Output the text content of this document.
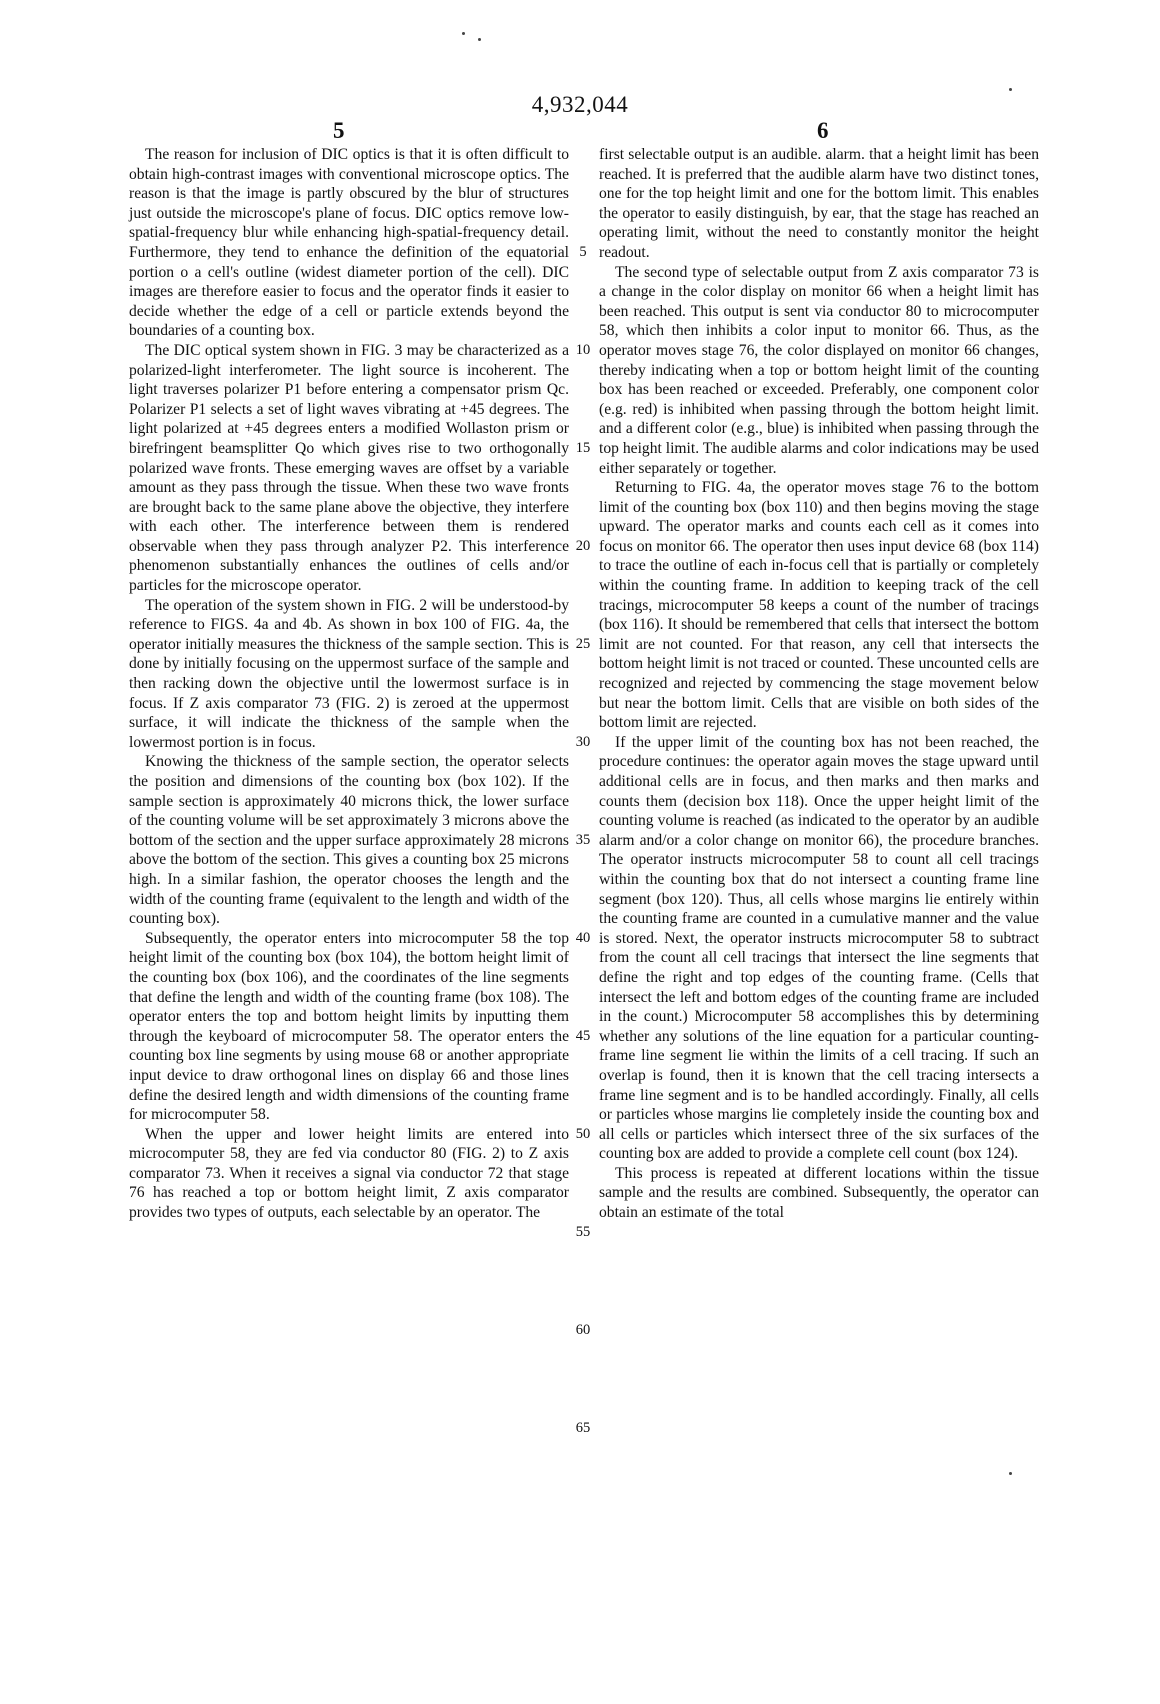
4,932,044
5	6

The reason for inclusion of DIC optics is that it is often difficult to obtain high-contrast images with conventional microscope optics. The reason is that the image is partly obscured by the blur of structures just outside the microscope's plane of focus. DIC optics remove low-spatial-frequency blur while enhancing high-spatial-frequency detail. Furthermore, they tend to enhance the definition of the equatorial portion o a cell's outline (widest diameter portion of the cell). DIC images are therefore easier to focus and the operator finds it easier to decide whether the edge of a cell or particle extends beyond the boundaries of a counting box.

The DIC optical system shown in FIG. 3 may be characterized as a polarized-light interferometer. The light source is incoherent. The light traverses polarizer P1 before entering a compensator prism Qc. Polarizer P1 selects a set of light waves vibrating at +45 degrees. The light polarized at +45 degrees enters a modified Wollaston prism or birefringent beamsplitter Qo which gives rise to two orthogonally polarized wave fronts. These emerging waves are offset by a variable amount as they pass through the tissue. When these two wave fronts are brought back to the same plane above the objective, they interfere with each other. The interference between them is rendered observable when they pass through analyzer P2. This interference phenomenon substantially enhances the outlines of cells and/or particles for the microscope operator.

The operation of the system shown in FIG. 2 will be understood-by reference to FIGS. 4a and 4b. As shown in box 100 of FIG. 4a, the operator initially measures the thickness of the sample section. This is done by initially focusing on the uppermost surface of the sample and then racking down the objective until the lowermost surface is in focus. If Z axis comparator 73 (FIG. 2) is zeroed at the uppermost surface, it will indicate the thickness of the sample when the lowermost portion is in focus.

Knowing the thickness of the sample section, the operator selects the position and dimensions of the counting box (box 102). If the sample section is approximately 40 microns thick, the lower surface of the counting volume will be set approximately 3 microns above the bottom of the section and the upper surface approximately 28 microns above the bottom of the section. This gives a counting box 25 microns high. In a similar fashion, the operator chooses the length and the width of the counting frame (equivalent to the length and width of the counting box).

Subsequently, the operator enters into microcomputer 58 the top height limit of the counting box (box 104), the bottom height limit of the counting box (box 106), and the coordinates of the line segments that define the length and width of the counting frame (box 108). The operator enters the top and bottom height limits by inputting them through the keyboard of microcomputer 58. The operator enters the counting box line segments by using mouse 68 or another appropriate input device to draw orthogonal lines on display 66 and those lines define the desired length and width dimensions of the counting frame for microcomputer 58.

When the upper and lower height limits are entered into microcomputer 58, they are fed via conductor 80 (FIG. 2) to Z axis comparator 73. When it receives a signal via conductor 72 that stage 76 has reached a top or bottom height limit, Z axis comparator provides two types of outputs, each selectable by an operator. The

5
10
15
20
25
30
35
40
45
50
55
60
65

first selectable output is an audible. alarm. that a height limit has been reached. It is preferred that the audible alarm have two distinct tones, one for the top height limit and one for the bottom limit. This enables the operator to easily distinguish, by ear, that the stage has reached an operating limit, without the need to constantly monitor the height readout.

The second type of selectable output from Z axis comparator 73 is a change in the color display on monitor 66 when a height limit has been reached. This output is sent via conductor 80 to microcomputer 58, which then inhibits a color input to monitor 66. Thus, as the operator moves stage 76, the color displayed on monitor 66 changes, thereby indicating when a top or bottom height limit of the counting box has been reached or exceeded. Preferably, one component color (e.g. red) is inhibited when passing through the bottom height limit. and a different color (e.g., blue) is inhibited when passing through the top height limit. The audible alarms and color indications may be used either separately or together.

Returning to FIG. 4a, the operator moves stage 76 to the bottom limit of the counting box (box 110) and then begins moving the stage upward. The operator marks and counts each cell as it comes into focus on monitor 66. The operator then uses input device 68 (box 114) to trace the outline of each in-focus cell that is partially or completely within the counting frame. In addition to keeping track of the cell tracings, microcomputer 58 keeps a count of the number of tracings (box 116). It should be remembered that cells that intersect the bottom limit are not counted. For that reason, any cell that intersects the bottom height limit is not traced or counted. These uncounted cells are recognized and rejected by commencing the stage movement below but near the bottom limit. Cells that are visible on both sides of the bottom limit are rejected.

If the upper limit of the counting box has not been reached, the procedure continues: the operator again moves the stage upward until additional cells are in focus, and then marks and then marks and counts them (decision box 118). Once the upper height limit of the counting volume is reached (as indicated to the operator by an audible alarm and/or a color change on monitor 66), the procedure branches. The operator instructs microcomputer 58 to count all cell tracings within the counting box that do not intersect a counting frame line segment (box 120). Thus, all cells whose margins lie entirely within the counting frame are counted in a cumulative manner and the value is stored. Next, the operator instructs microcomputer 58 to subtract from the count all cell tracings that intersect the line segments that define the right and top edges of the counting frame. (Cells that intersect the left and bottom edges of the counting frame are included in the count.) Microcomputer 58 accomplishes this by determining whether any solutions of the line equation for a particular counting-frame line segment lie within the limits of a cell tracing. If such an overlap is found, then it is known that the cell tracing intersects a frame line segment and is to be handled accordingly. Finally, all cells or particles whose margins lie completely inside the counting box and all cells or particles which intersect three of the six surfaces of the counting box are added to provide a complete cell count (box 124).

This process is repeated at different locations within the tissue sample and the results are combined. Subsequently, the operator can obtain an estimate of the total
